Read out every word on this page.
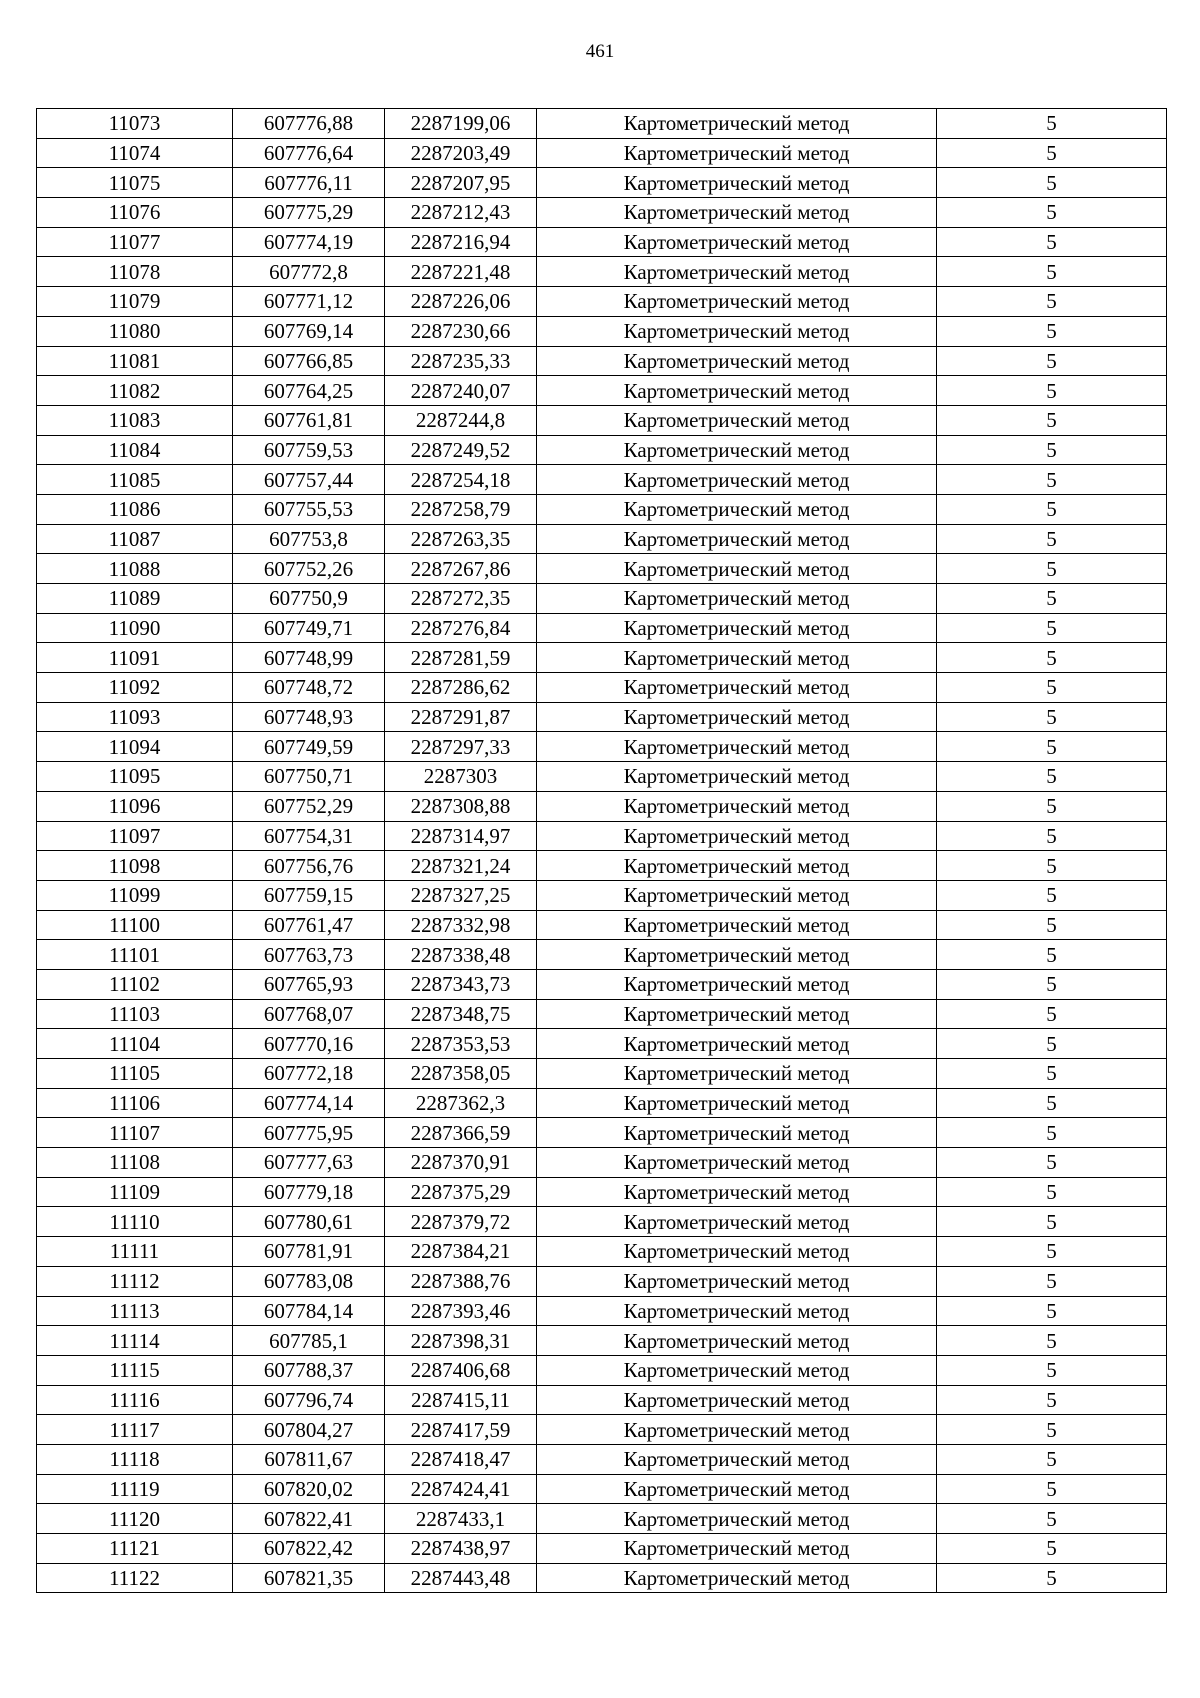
461
11073	607776,88	2287199,06	Картометрический метод	5
11074	607776,64	2287203,49	Картометрический метод	5
11075	607776,11	2287207,95	Картометрический метод	5
11076	607775,29	2287212,43	Картометрический метод	5
11077	607774,19	2287216,94	Картометрический метод	5
11078	607772,8	2287221,48	Картометрический метод	5
11079	607771,12	2287226,06	Картометрический метод	5
11080	607769,14	2287230,66	Картометрический метод	5
11081	607766,85	2287235,33	Картометрический метод	5
11082	607764,25	2287240,07	Картометрический метод	5
11083	607761,81	2287244,8	Картометрический метод	5
11084	607759,53	2287249,52	Картометрический метод	5
11085	607757,44	2287254,18	Картометрический метод	5
11086	607755,53	2287258,79	Картометрический метод	5
11087	607753,8	2287263,35	Картометрический метод	5
11088	607752,26	2287267,86	Картометрический метод	5
11089	607750,9	2287272,35	Картометрический метод	5
11090	607749,71	2287276,84	Картометрический метод	5
11091	607748,99	2287281,59	Картометрический метод	5
11092	607748,72	2287286,62	Картометрический метод	5
11093	607748,93	2287291,87	Картометрический метод	5
11094	607749,59	2287297,33	Картометрический метод	5
11095	607750,71	2287303	Картометрический метод	5
11096	607752,29	2287308,88	Картометрический метод	5
11097	607754,31	2287314,97	Картометрический метод	5
11098	607756,76	2287321,24	Картометрический метод	5
11099	607759,15	2287327,25	Картометрический метод	5
11100	607761,47	2287332,98	Картометрический метод	5
11101	607763,73	2287338,48	Картометрический метод	5
11102	607765,93	2287343,73	Картометрический метод	5
11103	607768,07	2287348,75	Картометрический метод	5
11104	607770,16	2287353,53	Картометрический метод	5
11105	607772,18	2287358,05	Картометрический метод	5
11106	607774,14	2287362,3	Картометрический метод	5
11107	607775,95	2287366,59	Картометрический метод	5
11108	607777,63	2287370,91	Картометрический метод	5
11109	607779,18	2287375,29	Картометрический метод	5
11110	607780,61	2287379,72	Картометрический метод	5
11111	607781,91	2287384,21	Картометрический метод	5
11112	607783,08	2287388,76	Картометрический метод	5
11113	607784,14	2287393,46	Картометрический метод	5
11114	607785,1	2287398,31	Картометрический метод	5
11115	607788,37	2287406,68	Картометрический метод	5
11116	607796,74	2287415,11	Картометрический метод	5
11117	607804,27	2287417,59	Картометрический метод	5
11118	607811,67	2287418,47	Картометрический метод	5
11119	607820,02	2287424,41	Картометрический метод	5
11120	607822,41	2287433,1	Картометрический метод	5
11121	607822,42	2287438,97	Картометрический метод	5
11122	607821,35	2287443,48	Картометрический метод	5
